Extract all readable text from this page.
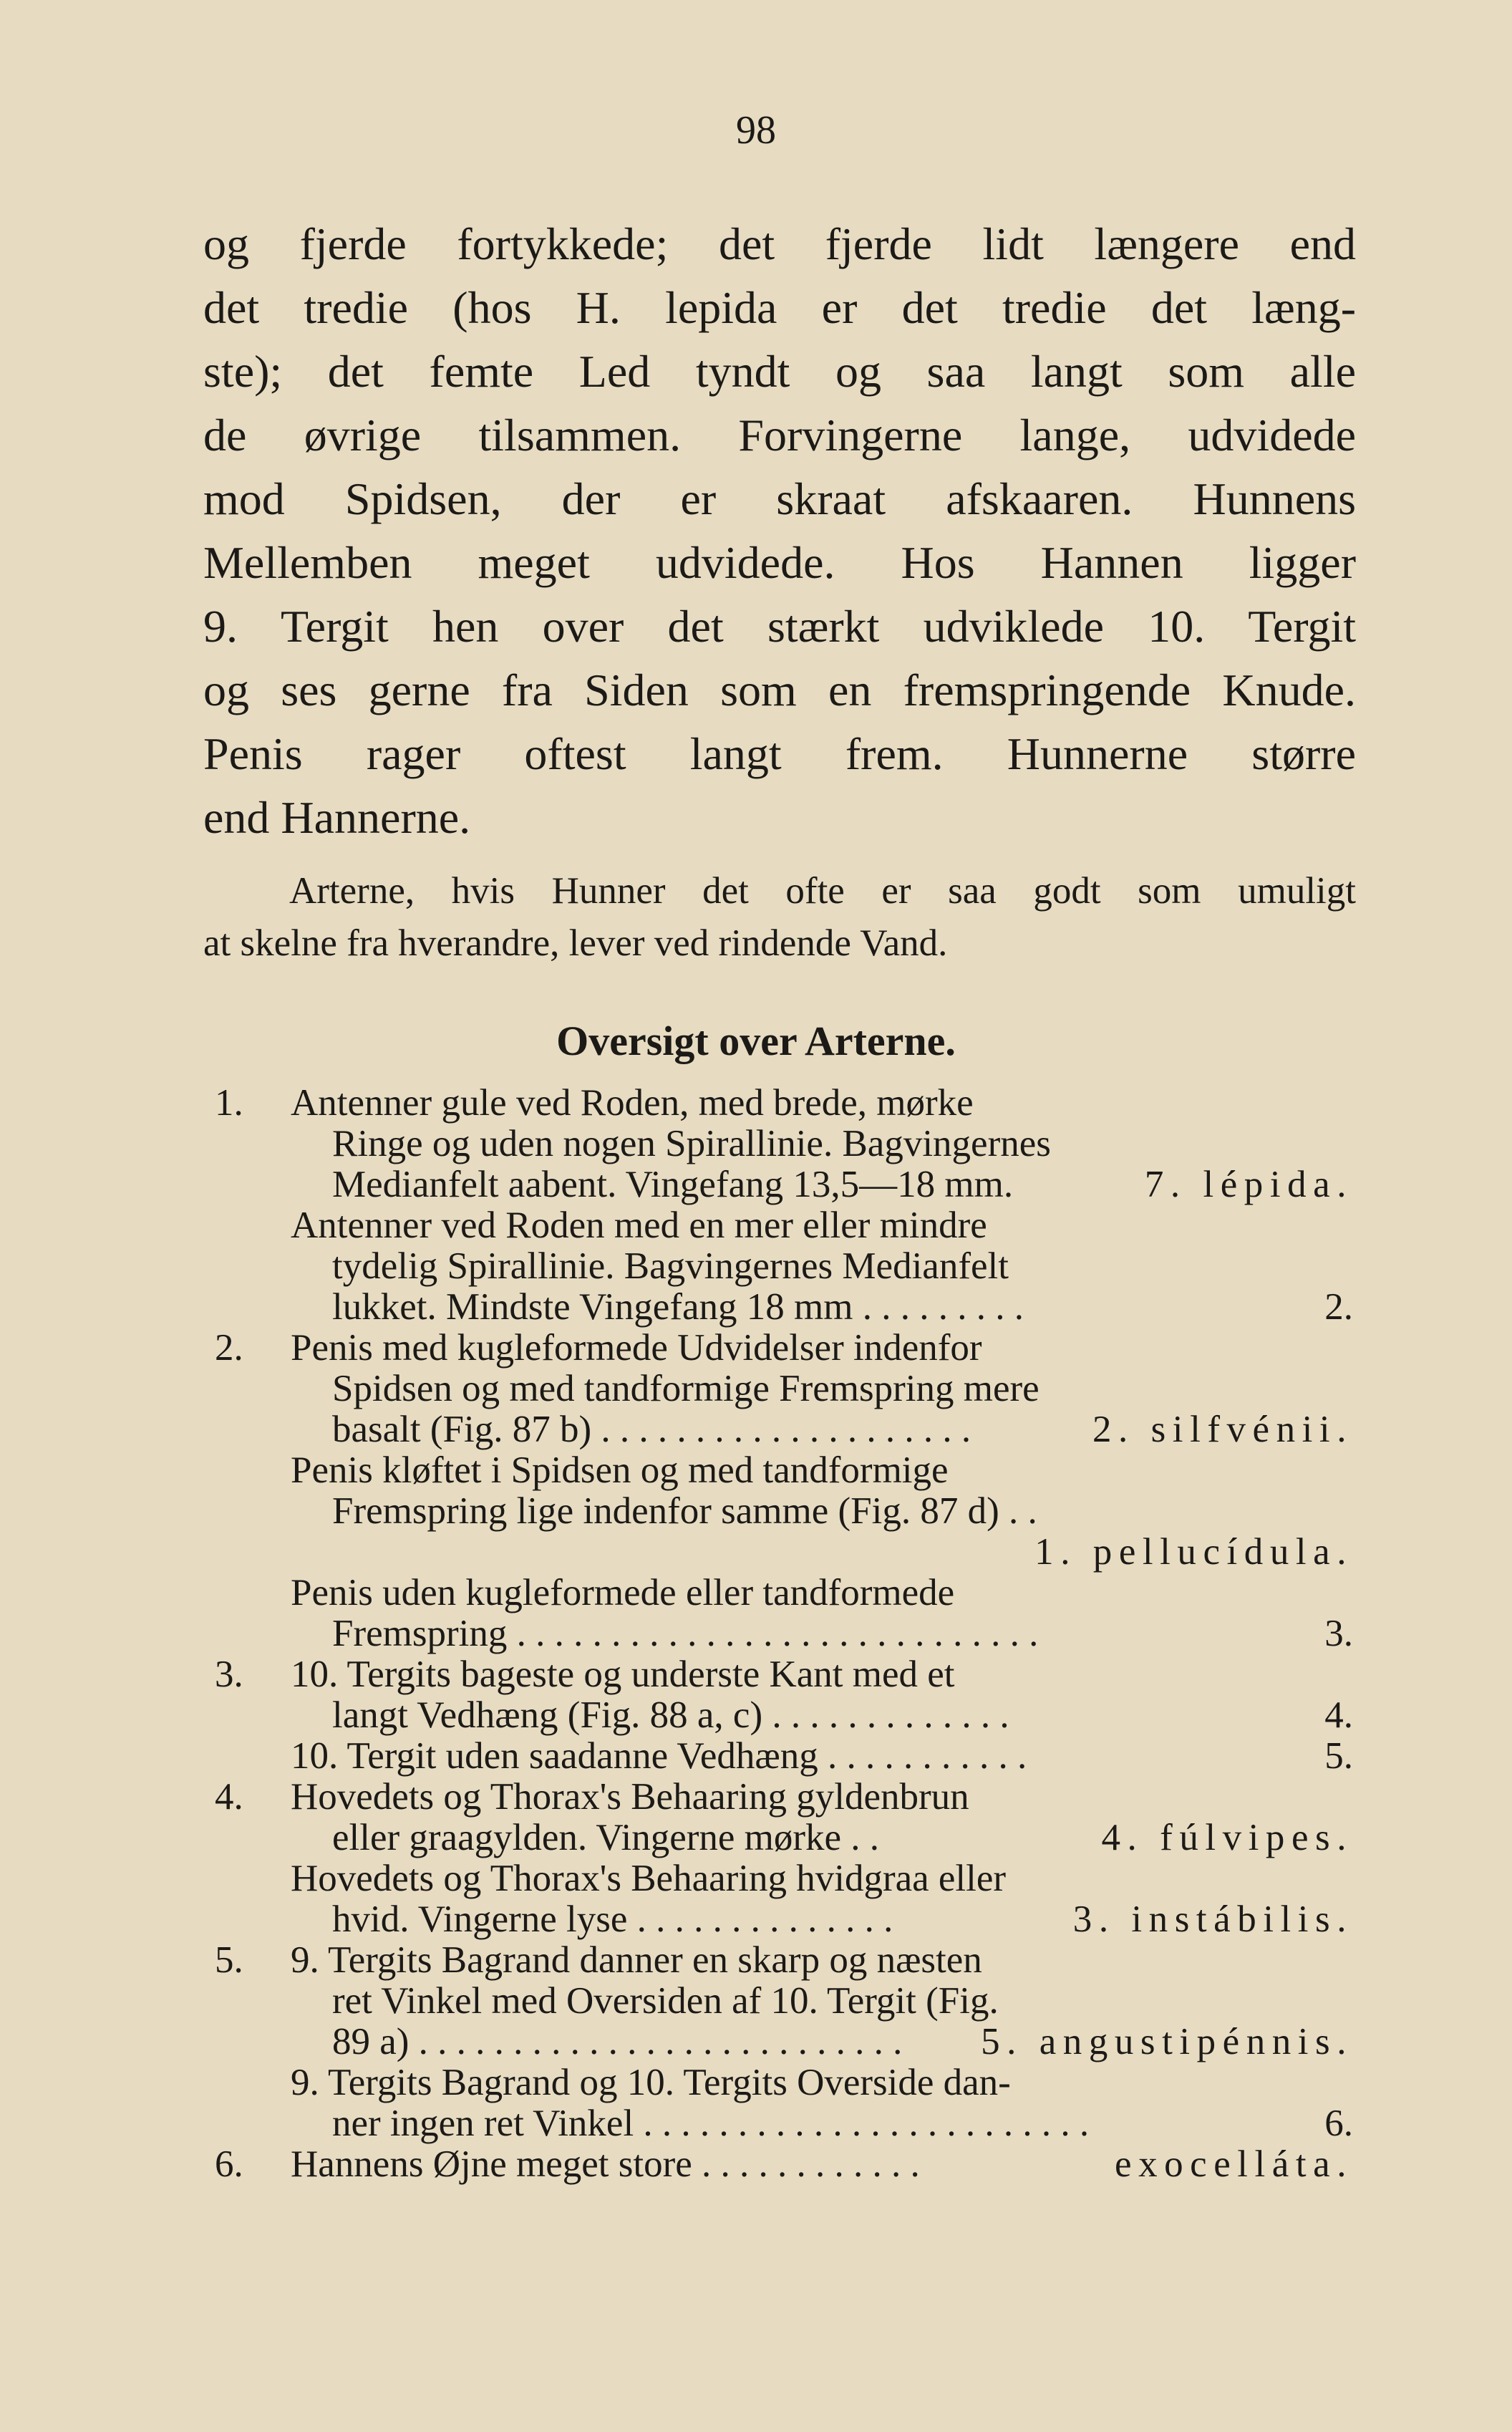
98
og fjerde fortykkede; det fjerde lidt længere end
det tredie (hos H. lepida er det tredie det læng-
ste); det femte Led tyndt og saa langt som alle
de øvrige tilsammen. Forvingerne lange, udvidede
mod Spidsen, der er skraat afskaaren. Hunnens
Mellemben meget udvidede. Hos Hannen ligger
9. Tergit hen over det stærkt udviklede 10. Tergit
og ses gerne fra Siden som en fremspringende Knude.
Penis rager oftest langt frem. Hunnerne større
end Hannerne.
Arterne, hvis Hunner det ofte er saa godt som umuligt
at skelne fra hverandre, lever ved rindende Vand.
Oversigt over Arterne.
1. Antenner gule ved Roden, med brede, mørke
Ringe og uden nogen Spirallinie. Bagvingernes
Medianfelt aabent. Vingefang 13,5—18 mm.	7. lépida.
Antenner ved Roden med en mer eller mindre
tydelig Spirallinie. Bagvingernes Medianfelt
lukket. Mindste Vingefang 18 mm . . . . . . . . .	2.
2. Penis med kugleformede Udvidelser indenfor
Spidsen og med tandformige Fremspring mere
basalt (Fig. 87 b) . . . . . . . . . . . . . . . . . . . .	2. silfvénii.
Penis kløftet i Spidsen og med tandformige
Fremspring lige indenfor samme (Fig. 87 d) . .
1. pellucídula.
Penis uden kugleformede eller tandformede
Fremspring . . . . . . . . . . . . . . . . . . . . . . . . . . . .	3.
3. 10. Tergits bageste og underste Kant med et
langt Vedhæng (Fig. 88 a, c) . . . . . . . . . . . . .	4.
10. Tergit uden saadanne Vedhæng . . . . . . . . . . .	5.
4. Hovedets og Thorax's Behaaring gyldenbrun
eller graagylden. Vingerne mørke . .	4. fúlvipes.
Hovedets og Thorax's Behaaring hvidgraa eller
hvid. Vingerne lyse . . . . . . . . . . . . . .	3. instábilis.
5. 9. Tergits Bagrand danner en skarp og næsten
ret Vinkel med Oversiden af 10. Tergit (Fig.
89 a) . . . . . . . . . . . . . . . . . . . . . . . . . . 5. angustipénnis.
9. Tergits Bagrand og 10. Tergits Overside dan-
ner ingen ret Vinkel . . . . . . . . . . . . . . . . . . . . . . . .	6.
6. Hannens Øjne meget store . . . . . . . . . . . .	exocelláta.
